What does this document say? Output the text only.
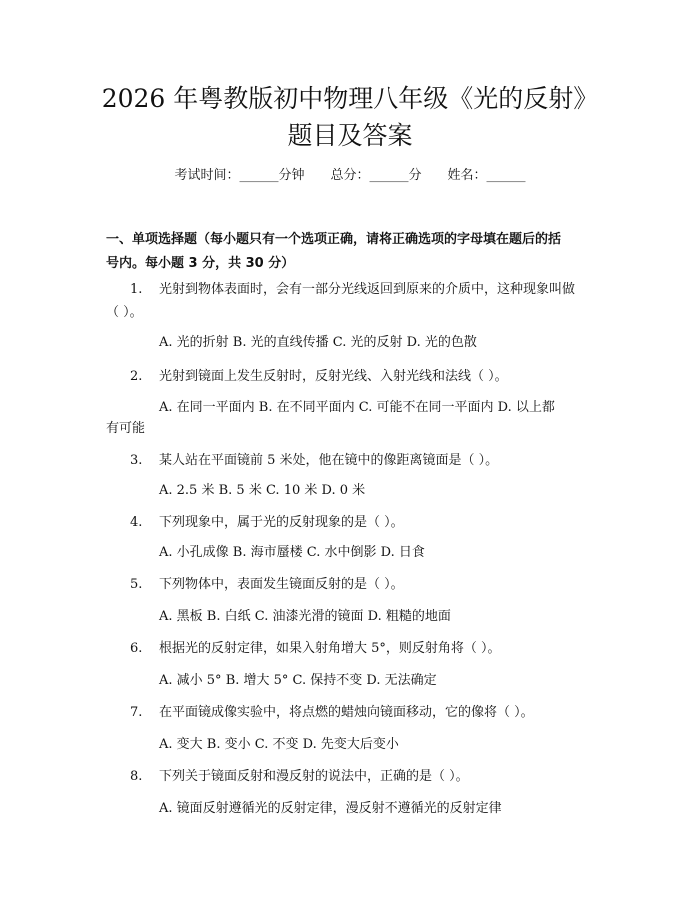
2026 年粤教版初中物理八年级《光的反射》
题目及答案
考试时间：______分钟 总分：______分 姓名：______
一、单项选择题（每小题只有一个选项正确，请将正确选项的字母填在题后的括
号内。每小题 3 分，共 30 分）
1.	光射到物体表面时，会有一部分光线返回到原来的介质中，这种现象叫做
（ ）。
A. 光的折射 B. 光的直线传播 C. 光的反射 D. 光的色散
2.	光射到镜面上发生反射时，反射光线、入射光线和法线（ ）。
A. 在同一平面内 B. 在不同平面内 C. 可能不在同一平面内 D. 以上都
有可能
3.	某人站在平面镜前 5 米处，他在镜中的像距离镜面是（ ）。
A. 2.5 米 B. 5 米 C. 10 米 D. 0 米
4.	下列现象中，属于光的反射现象的是（ ）。
A. 小孔成像 B. 海市蜃楼 C. 水中倒影 D. 日食
5.	下列物体中，表面发生镜面反射的是（ ）。
A. 黑板 B. 白纸 C. 油漆光滑的镜面 D. 粗糙的地面
6.	根据光的反射定律，如果入射角增大 5°，则反射角将（ ）。
A. 减小 5° B. 增大 5° C. 保持不变 D. 无法确定
7.	在平面镜成像实验中，将点燃的蜡烛向镜面移动，它的像将（ ）。
A. 变大 B. 变小 C. 不变 D. 先变大后变小
8.	下列关于镜面反射和漫反射的说法中，正确的是（ ）。
A. 镜面反射遵循光的反射定律，漫反射不遵循光的反射定律
